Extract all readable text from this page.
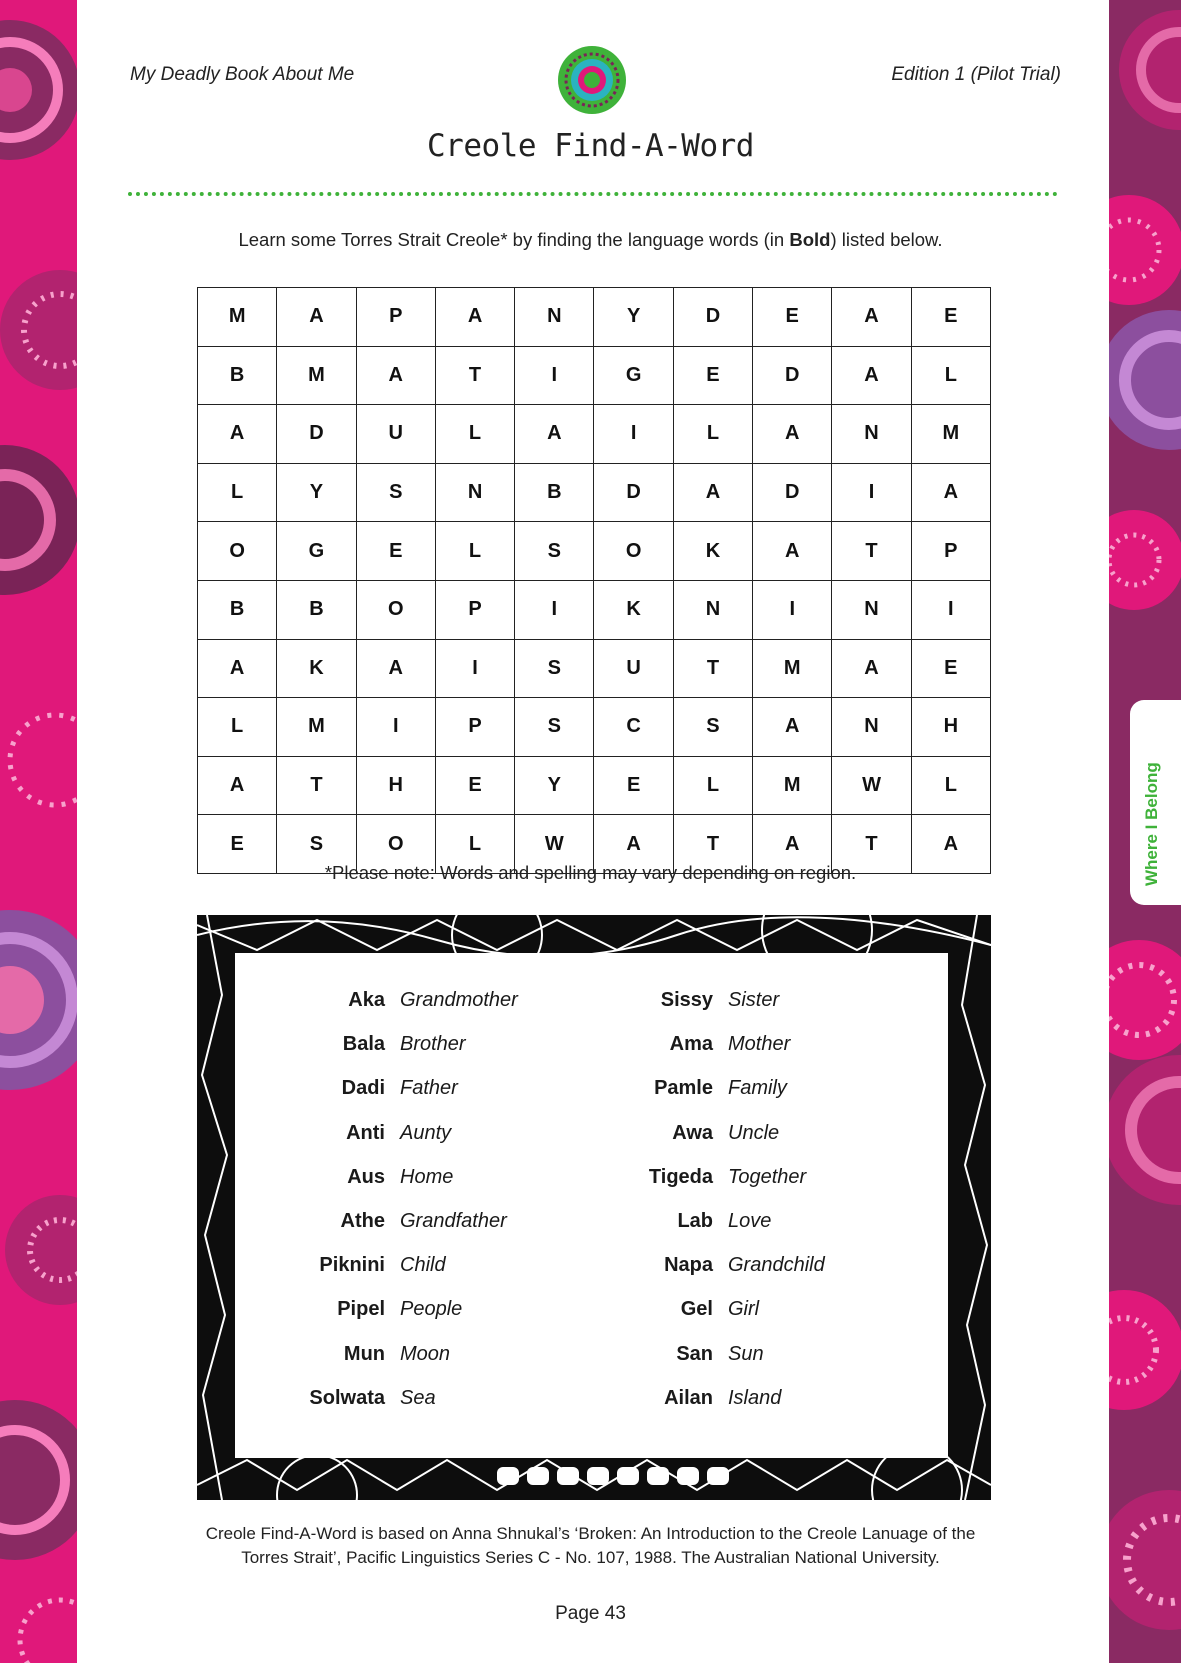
My Deadly Book About Me	Edition 1 (Pilot Trial)
Creole Find-A-Word
Learn some Torres Strait Creole* by finding the language words (in Bold) listed below.
M	A	P	A	N	Y	D	E	A	E
B	M	A	T	I	G	E	D	A	L
A	D	U	L	A	I	L	A	N	M
L	Y	S	N	B	D	A	D	I	A
O	G	E	L	S	O	K	A	T	P
B	B	O	P	I	K	N	I	N	I
A	K	A	I	S	U	T	M	A	E
L	M	I	P	S	C	S	A	N	H
A	T	H	E	Y	E	L	M	W	L
E	S	O	L	W	A	T	A	T	A
*Please note: Words and spelling may vary depending on region.
Aka Grandmother
Bala Brother
Dadi Father
Anti Aunty
Aus Home
Athe Grandfather
Piknini Child
Pipel People
Mun Moon
Solwata Sea
Sissy Sister
Ama Mother
Pamle Family
Awa Uncle
Tigeda Together
Lab Love
Napa Grandchild
Gel Girl
San Sun
Ailan Island
Creole Find-A-Word is based on Anna Shnukal’s ‘Broken: An Introduction to the Creole Lanuage of the
Torres Strait’, Pacific Linguistics Series C - No. 107, 1988. The Australian National University.
Page 43
Where I Belong
